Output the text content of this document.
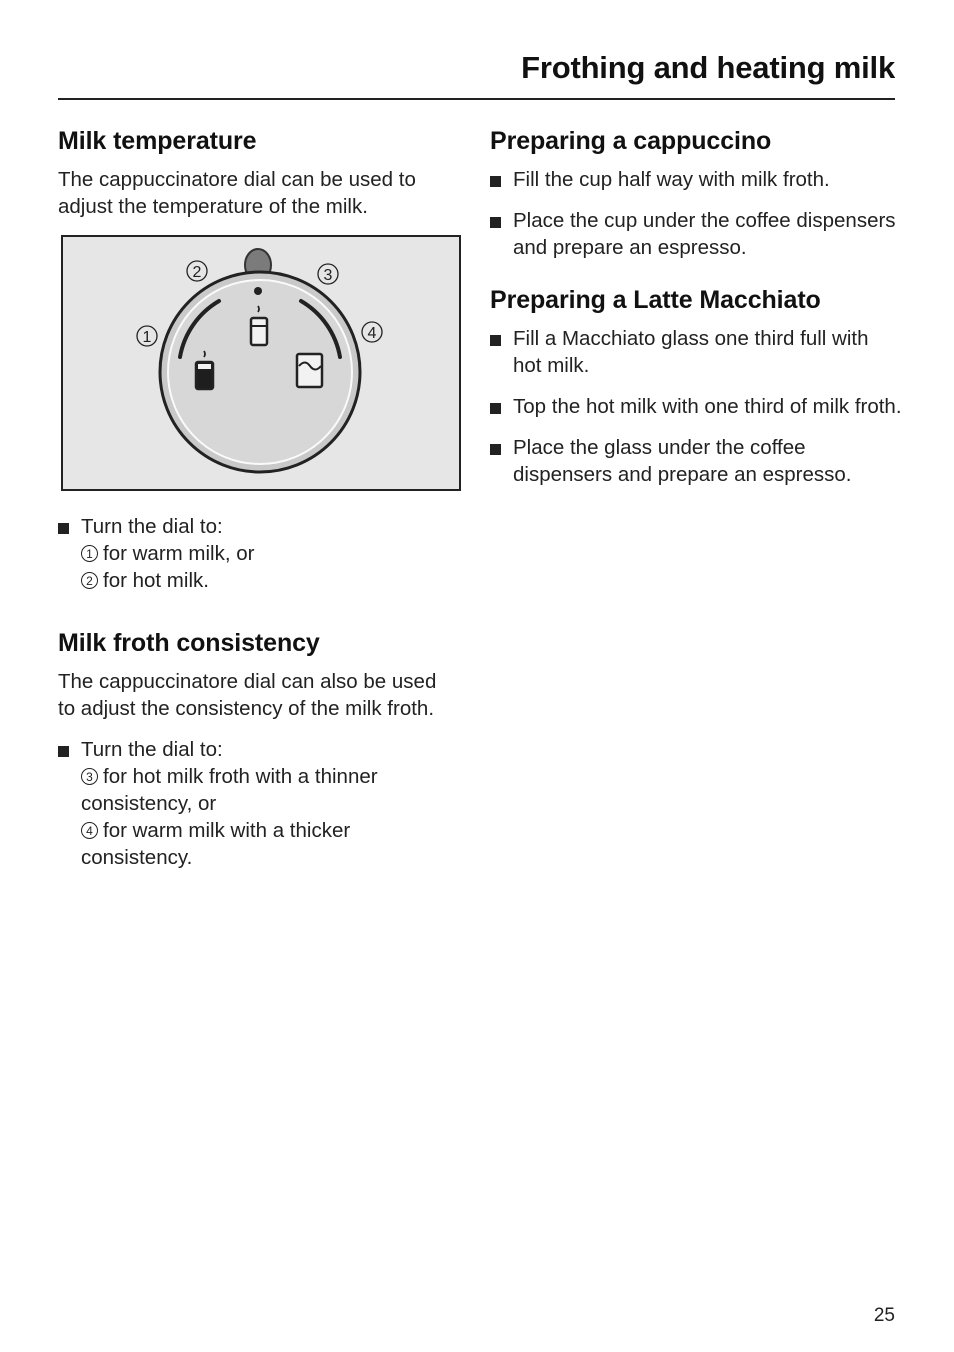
Frothing and heating milk
Milk temperature

The cappuccinatore dial can be used to adjust the temperature of the milk.

1
2	3
4
Turn the dial to:
1 for warm milk, or
2 for hot milk.
Milk froth consistency

The cappuccinatore dial can also be used to adjust the consistency of the milk froth.

Turn the dial to:
3 for hot milk froth with a thinner consistency, or
4 for warm milk with a thicker consistency.
Preparing a cappuccino
Fill the cup half way with milk froth.
Place the cup under the coffee dispensers and prepare an espresso.
Preparing a Latte Macchiato
Fill a Macchiato glass one third full with hot milk.
Top the hot milk with one third of milk froth.
Place the glass under the coffee dispensers and prepare an espresso.

25
